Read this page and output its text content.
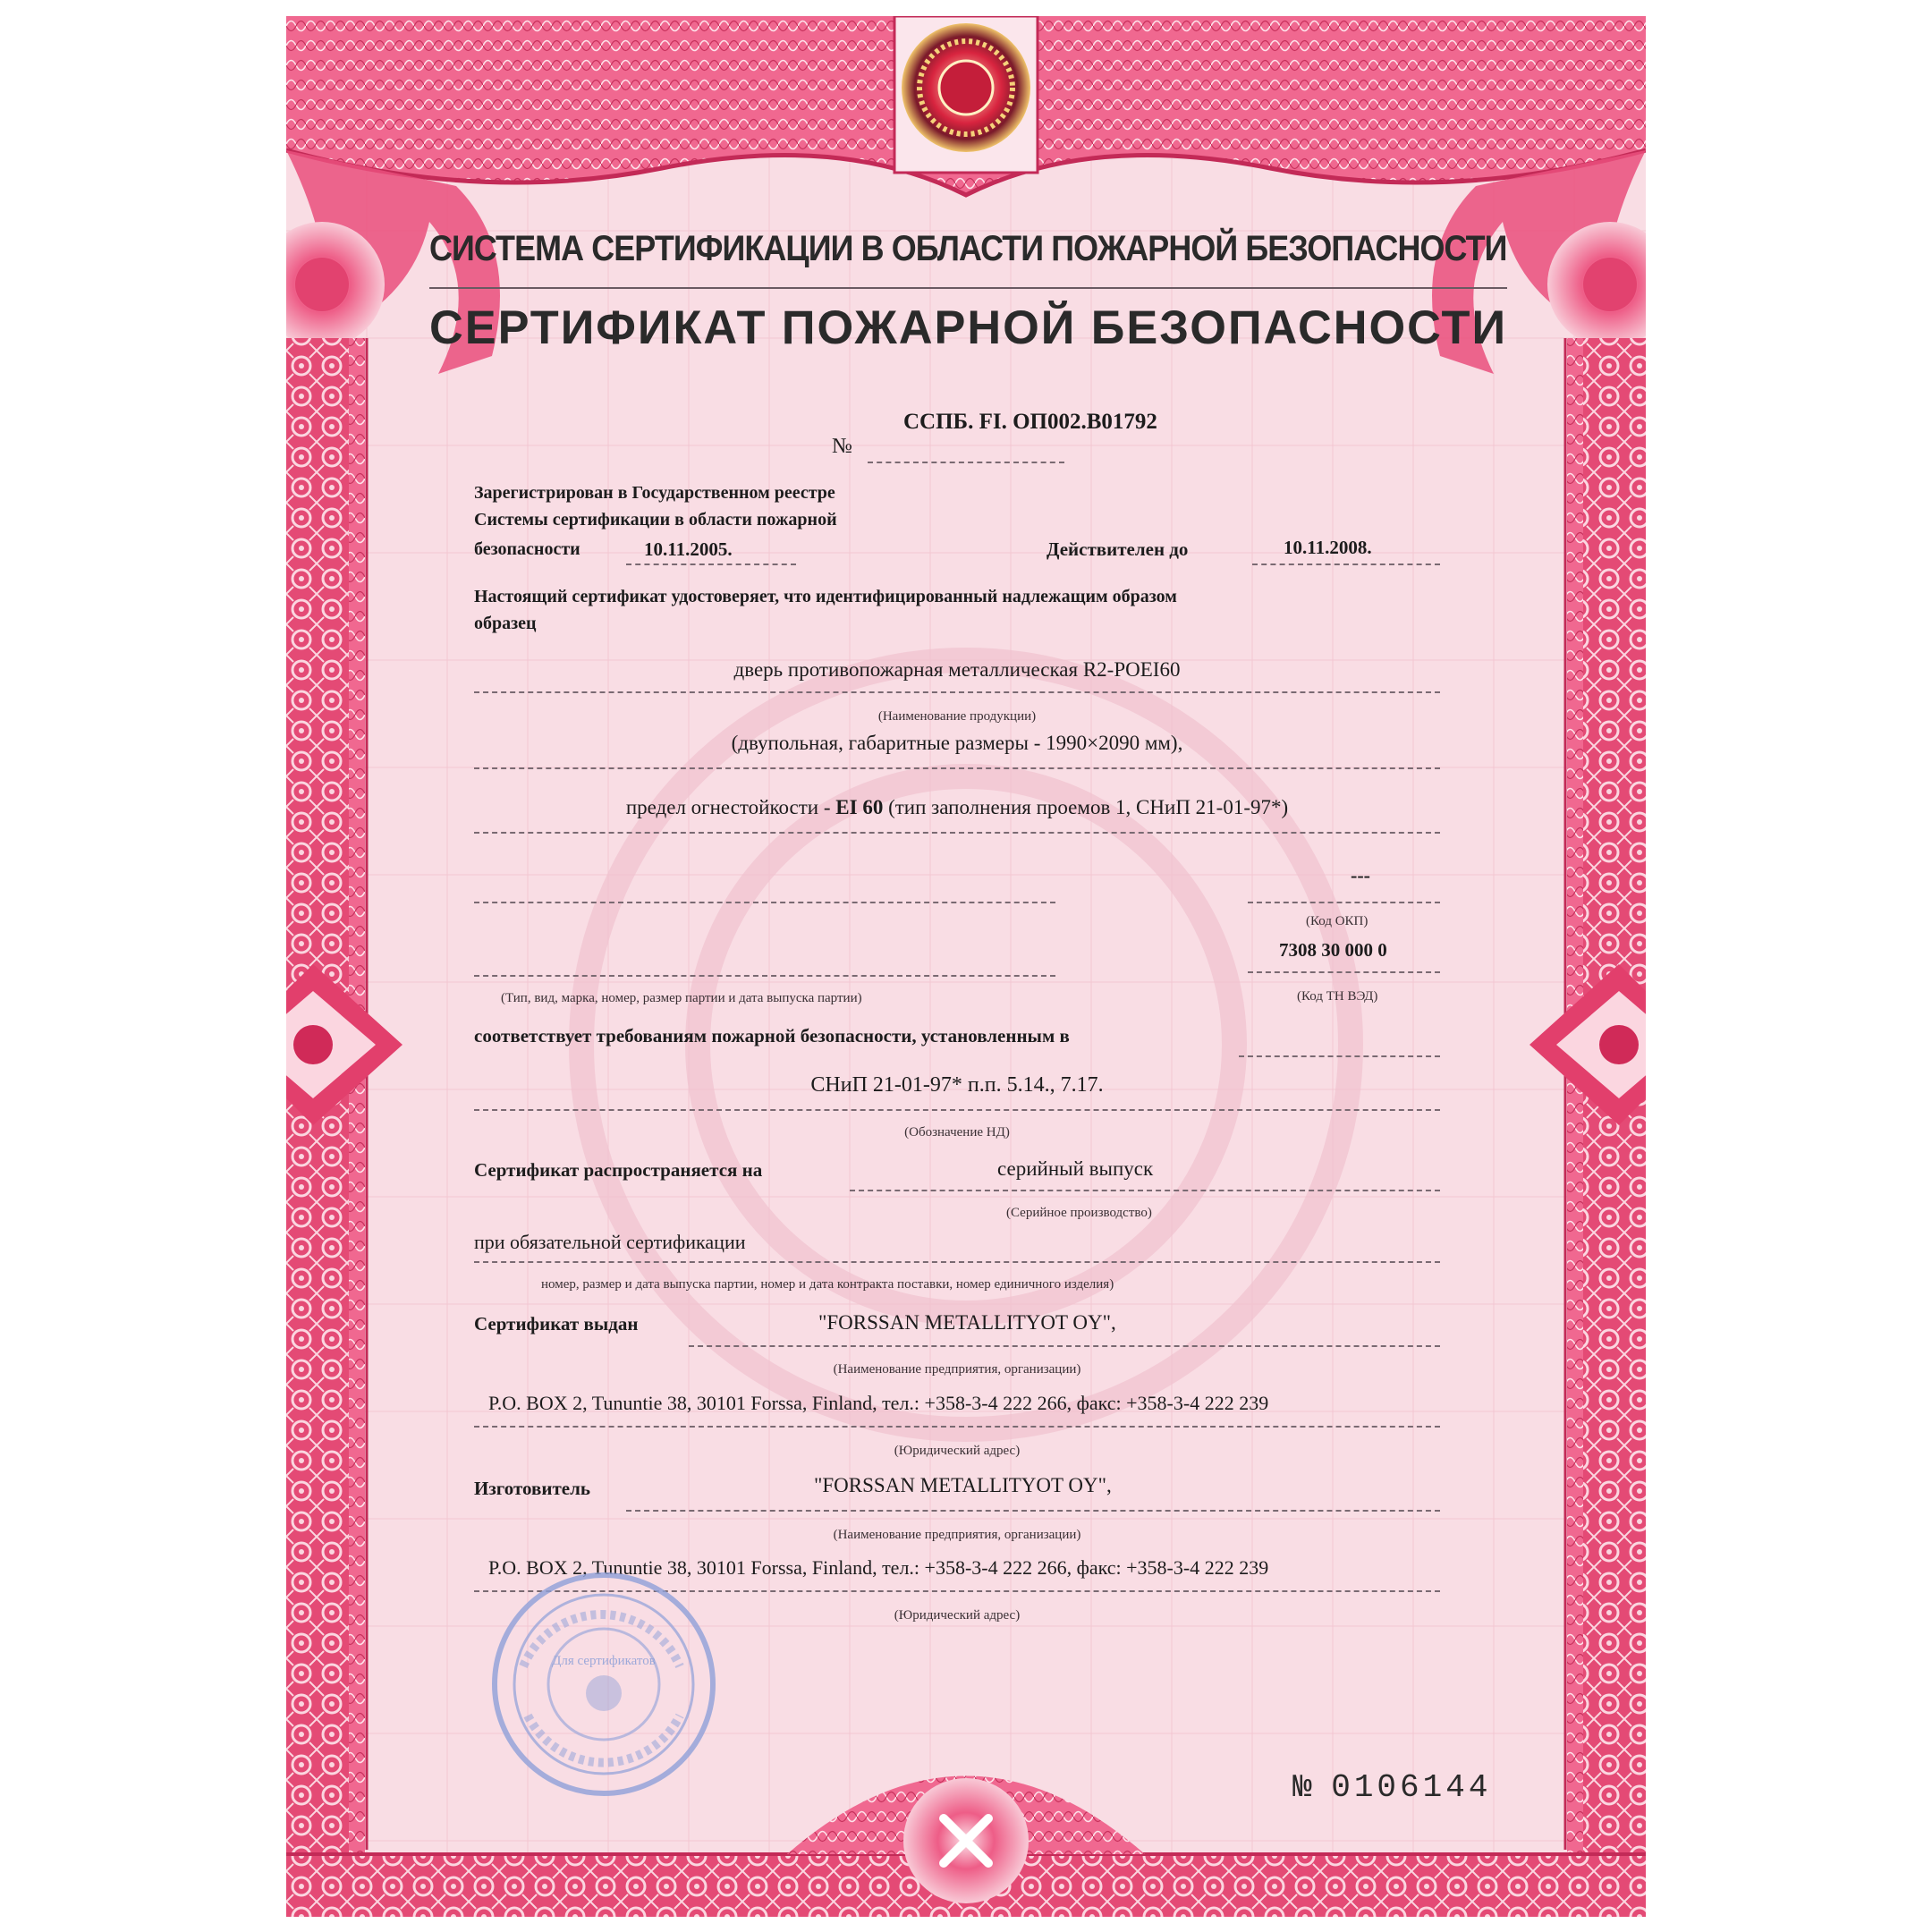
СИСТЕМА СЕРТИФИКАЦИИ В ОБЛАСТИ ПОЖАРНОЙ БЕЗОПАСНОСТИ
СЕРТИФИКАТ ПОЖАРНОЙ БЕЗОПАСНОСТИ
№
ССПБ. FI. ОП002.В01792
Зарегистрирован в Государственном реестре
Системы сертификации в области пожарной
безопасности	10.11.2005.	Действителен до	10.11.2008.
Настоящий сертификат удостоверяет, что идентифицированный надлежащим образом
образец
дверь противопожарная металлическая R2-POEI60
(Наименование продукции)
(двупольная, габаритные размеры - 1990×2090 мм),
предел огнестойкости - EI 60 (тип заполнения проемов 1, СНиП 21-01-97*)
---
(Код ОКП)
7308 30 000 0
(Тип, вид, марка, номер, размер партии и дата выпуска партии)	(Код ТН ВЭД)
соответствует требованиям пожарной безопасности, установленным в
СНиП 21-01-97* п.п. 5.14., 7.17.
(Обозначение НД)
Сертификат распространяется на	серийный выпуск
(Серийное производство)
при обязательной сертификации
номер, размер и дата выпуска партии, номер и дата контракта поставки, номер единичного изделия)
Сертификат выдан	"FORSSAN METALLITYOT OY",
(Наименование предприятия, организации)
P.O. BOX 2, Tununtie 38, 30101 Forssa, Finland, тел.: +358-3-4 222 266, факс: +358-3-4 222 239
(Юридический адрес)
Изготовитель	"FORSSAN METALLITYOT OY",
(Наименование предприятия, организации)
P.O. BOX 2, Tununtie 38, 30101 Forssa, Finland, тел.: +358-3-4 222 266, факс: +358-3-4 222 239
(Юридический адрес)
Для сертификатов
№ 0106144
